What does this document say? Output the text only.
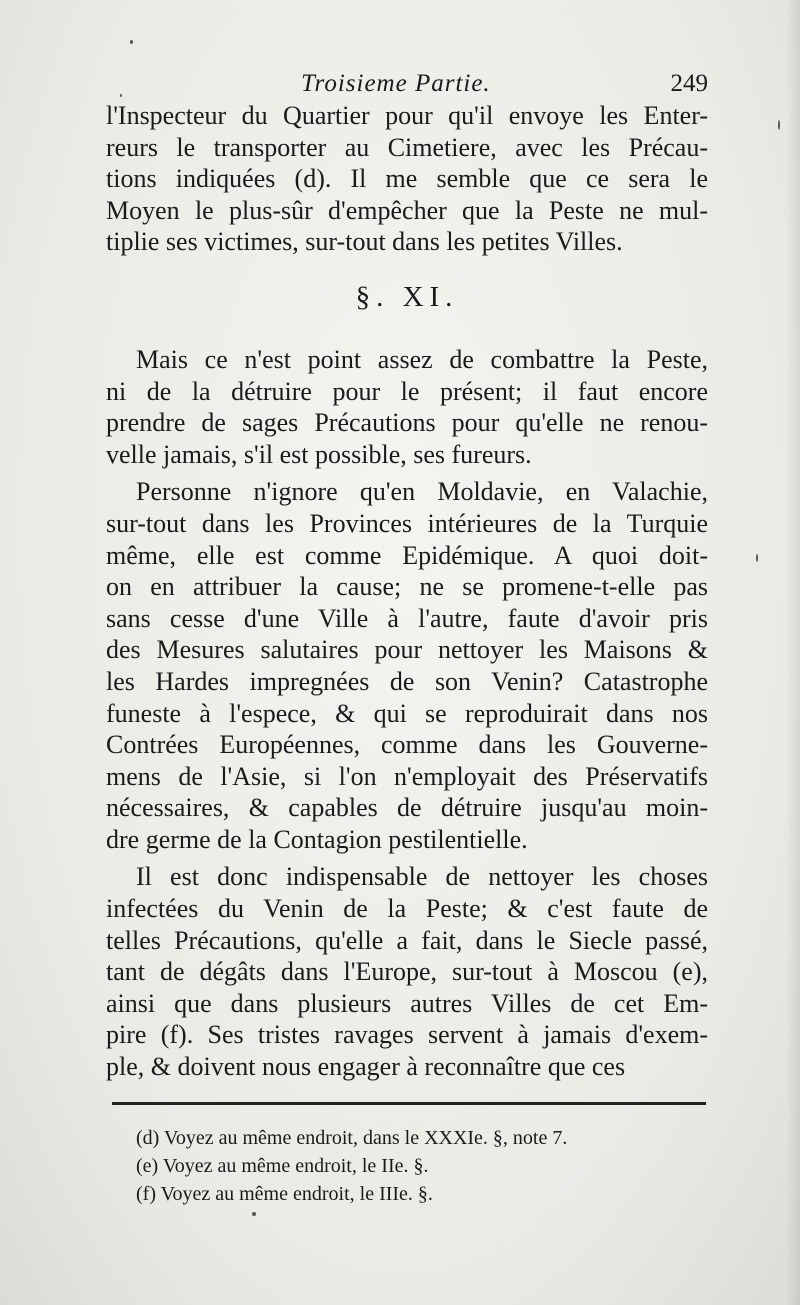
Troisieme Partie.	249
l'Inspecteur du Quartier pour qu'il envoye les Enter-
reurs le transporter au Cimetiere, avec les Précau-
tions indiquées (d). Il me semble que ce sera le
Moyen le plus-sûr d'empêcher que la Peste ne mul-
tiplie ses victimes, sur-tout dans les petites Villes.
§. XI.
Mais ce n'est point assez de combattre la Peste,
ni de la détruire pour le présent; il faut encore
prendre de sages Précautions pour qu'elle ne renou-
velle jamais, s'il est possible, ses fureurs.
Personne n'ignore qu'en Moldavie, en Valachie,
sur-tout dans les Provinces intérieures de la Turquie
même, elle est comme Epidémique. A quoi doit-
on en attribuer la cause; ne se promene-t-elle pas
sans cesse d'une Ville à l'autre, faute d'avoir pris
des Mesures salutaires pour nettoyer les Maisons &
les Hardes impregnées de son Venin? Catastrophe
funeste à l'espece, & qui se reproduirait dans nos
Contrées Européennes, comme dans les Gouverne-
mens de l'Asie, si l'on n'employait des Préservatifs
nécessaires, & capables de détruire jusqu'au moin-
dre germe de la Contagion pestilentielle.
Il est donc indispensable de nettoyer les choses
infectées du Venin de la Peste; & c'est faute de
telles Précautions, qu'elle a fait, dans le Siecle passé,
tant de dégâts dans l'Europe, sur-tout à Moscou (e),
ainsi que dans plusieurs autres Villes de cet Em-
pire (f). Ses tristes ravages servent à jamais d'exem-
ple, & doivent nous engager à reconnaître que ces
(d) Voyez au même endroit, dans le XXXIe. §, note 7.
(e) Voyez au même endroit, le IIe. §.
(f) Voyez au même endroit, le IIIe. §.
